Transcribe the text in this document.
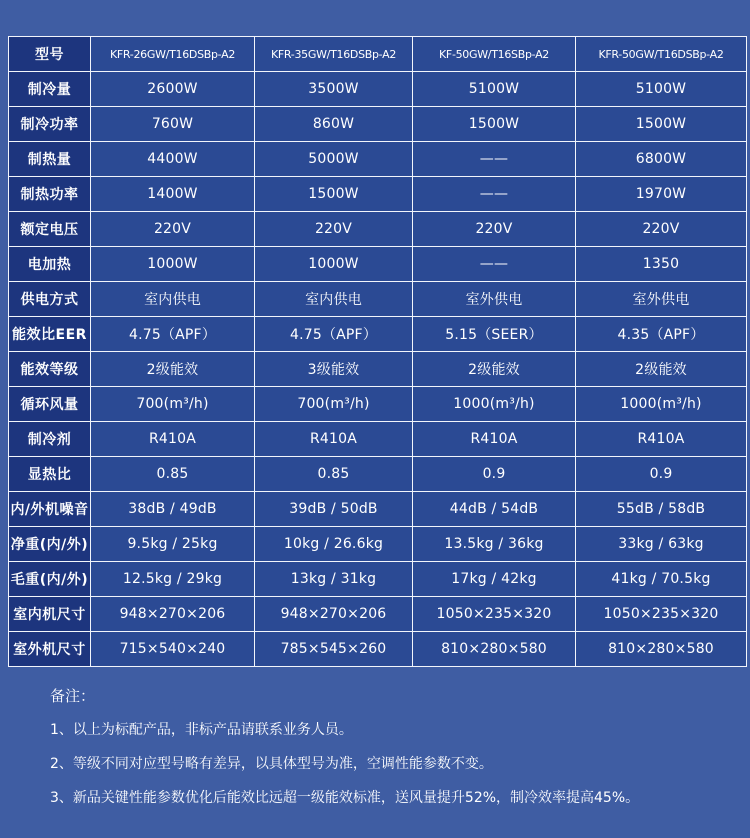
型号	KFR-26GW/T16DSBp-A2	KFR-35GW/T16DSBp-A2	KF-50GW/T16SBp-A2	KFR-50GW/T16DSBp-A2
制冷量	2600W	3500W	5100W	5100W
制冷功率	760W	860W	1500W	1500W
制热量	4400W	5000W	——	6800W
制热功率	1400W	1500W	——	1970W
额定电压	220V	220V	220V	220V
电加热	1000W	1000W	——	1350
供电方式	室内供电	室内供电	室外供电	室外供电
能效比EER	4.75（APF）	4.75（APF）	5.15（SEER）	4.35（APF）
能效等级	2级能效	3级能效	2级能效	2级能效
循环风量	700(m³/h)	700(m³/h)	1000(m³/h)	1000(m³/h)
制冷剂	R410A	R410A	R410A	R410A
显热比	0.85	0.85	0.9	0.9
内/外机噪音	38dB / 49dB	39dB / 50dB	44dB / 54dB	55dB / 58dB
净重(内/外)	9.5kg / 25kg	10kg / 26.6kg	13.5kg / 36kg	33kg / 63kg
毛重(内/外)	12.5kg / 29kg	13kg / 31kg	17kg / 42kg	41kg / 70.5kg
室内机尺寸	948×270×206	948×270×206	1050×235×320	1050×235×320
室外机尺寸	715×540×240	785×545×260	810×280×580	810×280×580
备注：
1、以上为标配产品，非标产品请联系业务人员。
2、等级不同对应型号略有差异，以具体型号为准，空调性能参数不变。
3、新品关键性能参数优化后能效比远超一级能效标准，送风量提升52%，制冷效率提高45%。
